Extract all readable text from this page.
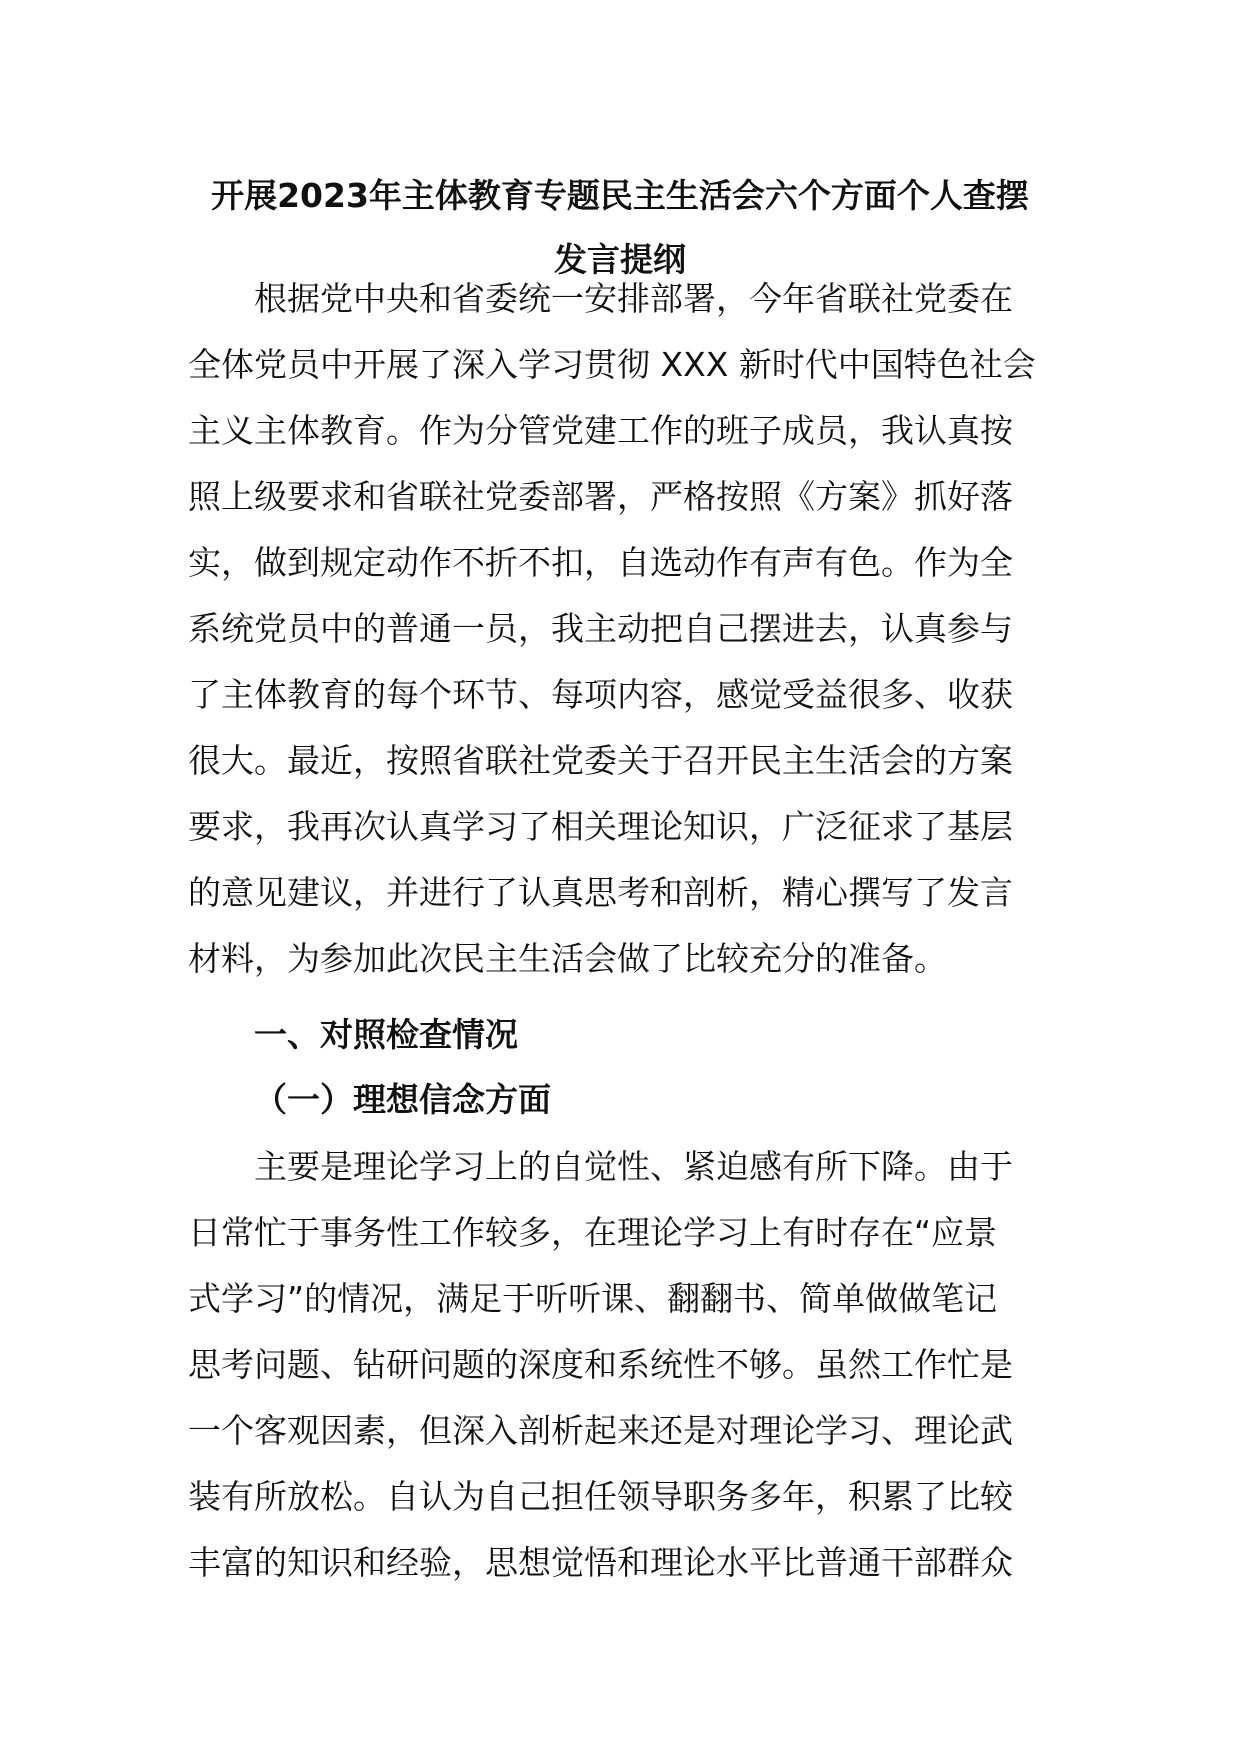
开展2023年主体教育专题民主生活会六个方面个人查摆
发言提纲
根据党中央和省委统一安排部署，今年省联社党委在
全体党员中开展了深入学习贯彻 XXX 新时代中国特色社会
主义主体教育。作为分管党建工作的班子成员，我认真按
照上级要求和省联社党委部署，严格按照《方案》抓好落
实，做到规定动作不折不扣，自选动作有声有色。作为全
系统党员中的普通一员，我主动把自己摆进去，认真参与
了主体教育的每个环节、每项内容，感觉受益很多、收获
很大。最近，按照省联社党委关于召开民主生活会的方案
要求，我再次认真学习了相关理论知识，广泛征求了基层
的意见建议，并进行了认真思考和剖析，精心撰写了发言
材料，为参加此次民主生活会做了比较充分的准备。
一、对照检查情况
（一）理想信念方面
主要是理论学习上的自觉性、紧迫感有所下降。由于
日常忙于事务性工作较多，在理论学习上有时存在“应景
式学习”的情况，满足于听听课、翻翻书、简单做做笔记
思考问题、钻研问题的深度和系统性不够。虽然工作忙是
一个客观因素，但深入剖析起来还是对理论学习、理论武
装有所放松。自认为自己担任领导职务多年，积累了比较
丰富的知识和经验，思想觉悟和理论水平比普通干部群众
